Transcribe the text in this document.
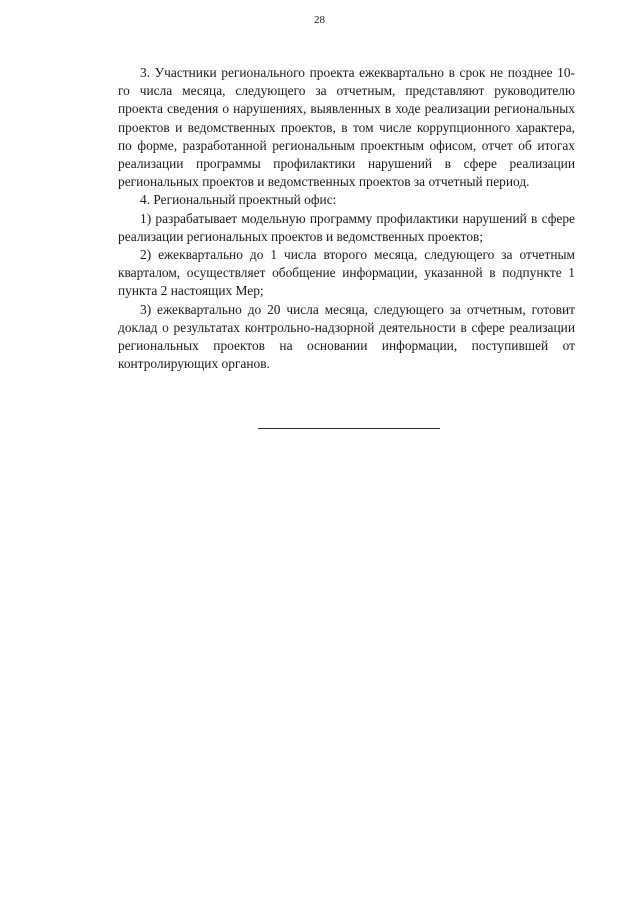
28

3. Участники регионального проекта ежеквартально в срок не позднее 10-го числа месяца, следующего за отчетным, представляют руководителю проекта сведения о нарушениях, выявленных в ходе реализации региональных проектов и ведомственных проектов, в том числе коррупционного характера, по форме, разработанной региональным проектным офисом, отчет об итогах реализации программы профилактики нарушений в сфере реализации региональных проектов и ведомственных проектов за отчетный период.

4. Региональный проектный офис:

1) разрабатывает модельную программу профилактики нарушений в сфере реализации региональных проектов и ведомственных проектов;

2) ежеквартально до 1 числа второго месяца, следующего за отчетным кварталом, осуществляет обобщение информации, указанной в подпункте 1 пункта 2 настоящих Мер;

3) ежеквартально до 20 числа месяца, следующего за отчетным, готовит доклад о результатах контрольно-надзорной деятельности в сфере реализации региональных проектов на основании информации, поступившей от контролирующих органов.
